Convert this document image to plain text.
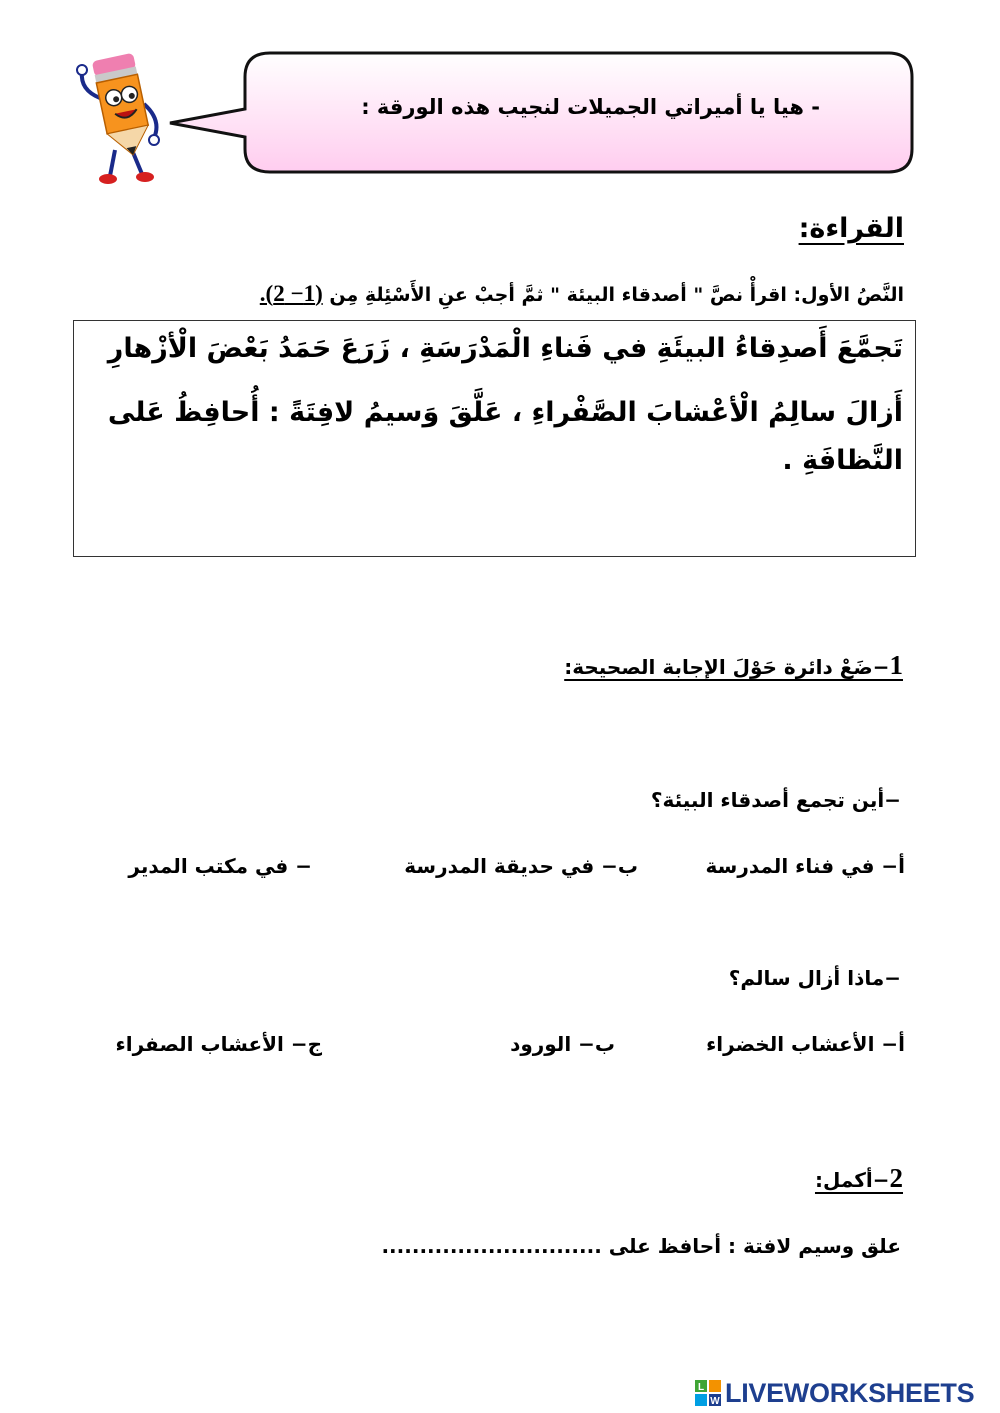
- هيا يا أميراتي الجميلات لنجيب هذه الورقة :
القراءة:
النَّصُ الأول: اقرأْ نصَّ " أصدقاء البيئة " ثمَّ أجبْ عنِ الأَسْئِلةِ مِن (1− 2).
تَجمَّعَ أَصدِقاءُ البيئَةِ في فَناءِ الْمَدْرَسَةِ ، زَرَعَ حَمَدُ بَعْضَ الْأزْهارِ
أَزالَ سالِمُ الْأعْشابَ الصَّفْراءِ ، عَلَّقَ وَسيمُ لافِتَةً : أُحافِظُ عَلى
النَّظافَةِ .
1−ضَعْ دائرة حَوْلَ الإجابة الصحيحة:
−أين تجمع أصدقاء البيئة؟
أ− في فناء المدرسة
ب− في حديقة المدرسة
− في مكتب المدير
−ماذا أزال سالم؟
أ− الأعشاب الخضراء
ب− الورود
ج− الأعشاب الصفراء
2−أكمل:
علق وسيم لافتة : أحافظ على .............................
L
W LIVEWORKSHEETS
